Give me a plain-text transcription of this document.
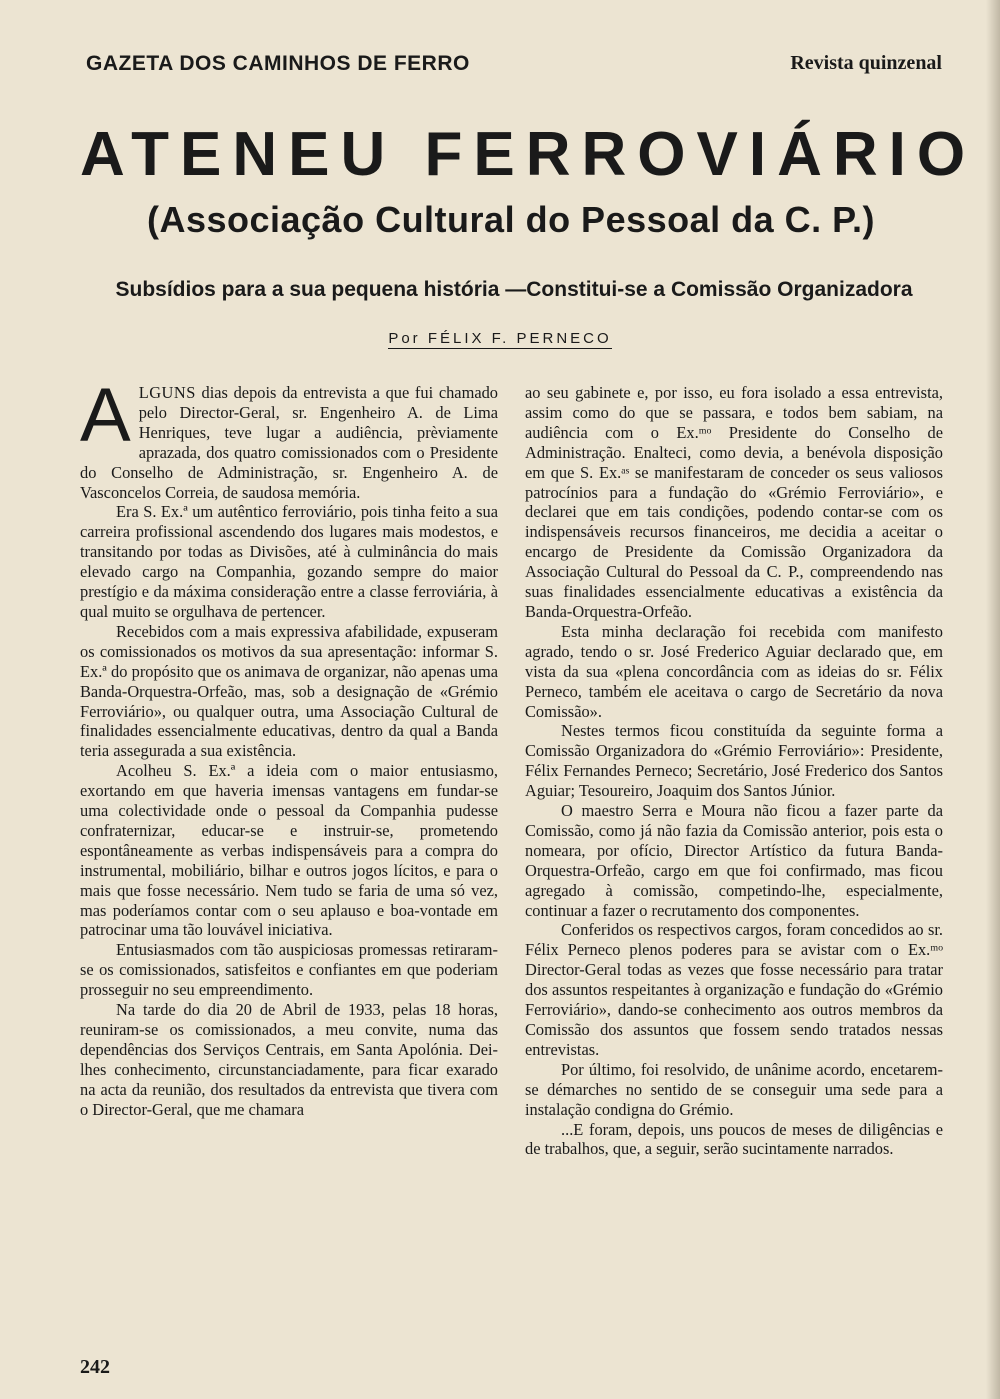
GAZETA DOS CAMINHOS DE FERRO	Revista quinzenal
ATENEU FERROVIÁRIO
(Associação Cultural do Pessoal da C. P.)
Subsídios para a sua pequena história —Constitui-se a Comissão Organizadora
Por FÉLIX F. PERNECO

ALGUNS dias depois da entrevista a que fui chamado pelo Director-Geral, sr. Engenheiro A. de Lima Henriques, teve lugar a audiência, prèviamente aprazada, dos quatro comissionados com o Presidente do Conselho de Administração, sr. Engenheiro A. de Vasconcelos Correia, de saudosa memória.

Era S. Ex.ª um autêntico ferroviário, pois tinha feito a sua carreira profissional ascendendo dos lugares mais modestos, e transitando por todas as Divisões, até à culminância do mais elevado cargo na Companhia, gozando sempre do maior prestígio e da máxima consideração entre a classe ferroviária, à qual muito se orgulhava de pertencer.

Recebidos com a mais expressiva afabilidade, expuseram os comissionados os motivos da sua apresentação: informar S. Ex.ª do propósito que os animava de organizar, não apenas uma Banda-Orquestra-Orfeão, mas, sob a designação de «Grémio Ferroviário», ou qualquer outra, uma Associação Cultural de finalidades essencialmente educativas, dentro da qual a Banda teria assegurada a sua existência.

Acolheu S. Ex.ª a ideia com o maior entusiasmo, exortando em que haveria imensas vantagens em fundar-se uma colectividade onde o pessoal da Companhia pudesse confraternizar, educar-se e instruir-se, prometendo espontâneamente as verbas indispensáveis para a compra do instrumental, mobiliário, bilhar e outros jogos lícitos, e para o mais que fosse necessário. Nem tudo se faria de uma só vez, mas poderíamos contar com o seu aplauso e boa-vontade em patrocinar uma tão louvável iniciativa.

Entusiasmados com tão auspiciosas promessas retiraram-se os comissionados, satisfeitos e confiantes em que poderiam prosseguir no seu empreendimento.

Na tarde do dia 20 de Abril de 1933, pelas 18 horas, reuniram-se os comissionados, a meu convite, numa das dependências dos Serviços Centrais, em Santa Apolónia. Dei-lhes conhecimento, circunstanciadamente, para ficar exarado na acta da reunião, dos resultados da entrevista que tivera com o Director-Geral, que me chamara

ao seu gabinete e, por isso, eu fora isolado a essa entrevista, assim como do que se passara, e todos bem sabiam, na audiência com o Ex.ᵐᵒ Presidente do Conselho de Administração. Enalteci, como devia, a benévola disposição em que S. Ex.ᵃˢ se manifestaram de conceder os seus valiosos patrocínios para a fundação do «Grémio Ferroviário», e declarei que em tais condições, podendo contar-se com os indispensáveis recursos financeiros, me decidia a aceitar o encargo de Presidente da Comissão Organizadora da Associação Cultural do Pessoal da C. P., compreendendo nas suas finalidades essencialmente educativas a existência da Banda-Orquestra-Orfeão.

Esta minha declaração foi recebida com manifesto agrado, tendo o sr. José Frederico Aguiar declarado que, em vista da sua «plena concordância com as ideias do sr. Félix Perneco, também ele aceitava o cargo de Secretário da nova Comissão».

Nestes termos ficou constituída da seguinte forma a Comissão Organizadora do «Grémio Ferroviário»: Presidente, Félix Fernandes Perneco; Secretário, José Frederico dos Santos Aguiar; Tesoureiro, Joaquim dos Santos Júnior.

O maestro Serra e Moura não ficou a fazer parte da Comissão, como já não fazia da Comissão anterior, pois esta o nomeara, por ofício, Director Artístico da futura Banda-Orquestra-Orfeão, cargo em que foi confirmado, mas ficou agregado à comissão, competindo-lhe, especialmente, continuar a fazer o recrutamento dos componentes.

Conferidos os respectivos cargos, foram concedidos ao sr. Félix Perneco plenos poderes para se avistar com o Ex.ᵐᵒ Director-Geral todas as vezes que fosse necessário para tratar dos assuntos respeitantes à organização e fundação do «Grémio Ferroviário», dando-se conhecimento aos outros membros da Comissão dos assuntos que fossem sendo tratados nessas entrevistas.

Por último, foi resolvido, de unânime acordo, encetarem-se démarches no sentido de se conseguir uma sede para a instalação condigna do Grémio.

...E foram, depois, uns poucos de meses de diligências e de trabalhos, que, a seguir, serão sucintamente narrados.

242
